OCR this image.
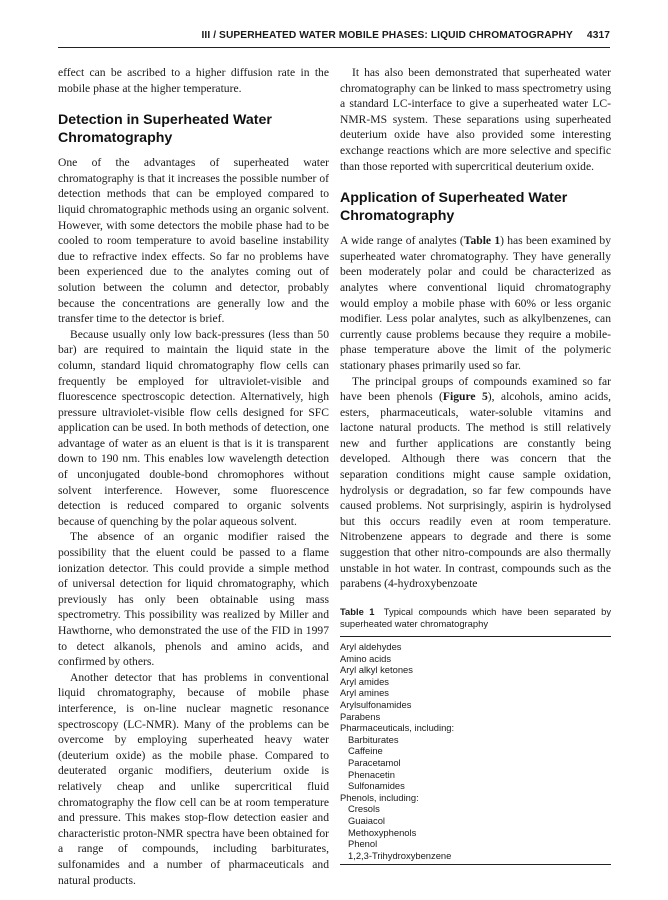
III / SUPERHEATED WATER MOBILE PHASES: LIQUID CHROMATOGRAPHY 4317

effect can be ascribed to a higher diffusion rate in the mobile phase at the higher temperature.

Detection in Superheated Water Chromatography

One of the advantages of superheated water chromatography is that it increases the possible number of detection methods that can be employed compared to liquid chromatographic methods using an organic solvent. However, with some detectors the mobile phase had to be cooled to room temperature to avoid baseline instability due to refractive index effects. So far no problems have been experienced due to the analytes coming out of solution between the column and detector, probably because the concentrations are generally low and the transfer time to the detector is brief.

Because usually only low back-pressures (less than 50 bar) are required to maintain the liquid state in the column, standard liquid chromatography flow cells can frequently be employed for ultraviolet-visible and fluorescence spectroscopic detection. Alternatively, high pressure ultraviolet-visible flow cells designed for SFC application can be used. In both methods of detection, one advantage of water as an eluent is that is it is transparent down to 190 nm. This enables low wavelength detection of unconjugated double-bond chromophores without solvent interference. However, some fluorescence detection is reduced compared to organic solvents because of quenching by the polar aqueous solvent.

The absence of an organic modifier raised the possibility that the eluent could be passed to a flame ionization detector. This could provide a simple method of universal detection for liquid chromatography, which previously has only been obtainable using mass spectrometry. This possibility was realized by Miller and Hawthorne, who demonstrated the use of the FID in 1997 to detect alkanols, phenols and amino acids, and confirmed by others.

Another detector that has problems in conventional liquid chromatography, because of mobile phase interference, is on-line nuclear magnetic resonance spectroscopy (LC-NMR). Many of the problems can be overcome by employing superheated heavy water (deuterium oxide) as the mobile phase. Compared to deuterated organic modifiers, deuterium oxide is relatively cheap and unlike supercritical fluid chromatography the flow cell can be at room temperature and pressure. This makes stop-flow detection easier and characteristic proton-NMR spectra have been obtained for a range of compounds, including barbiturates, sulfonamides and a number of pharmaceuticals and natural products.

It has also been demonstrated that superheated water chromatography can be linked to mass spectrometry using a standard LC-interface to give a superheated water LC-NMR-MS system. These separations using superheated deuterium oxide have also provided some interesting exchange reactions which are more selective and specific than those reported with supercritical deuterium oxide.

Application of Superheated Water Chromatography

A wide range of analytes (Table 1) has been examined by superheated water chromatography. They have generally been moderately polar and could be characterized as analytes where conventional liquid chromatography would employ a mobile phase with 60% or less organic modifier. Less polar analytes, such as alkylbenzenes, can currently cause problems because they require a mobile-phase temperature above the limit of the polymeric stationary phases primarily used so far.

The principal groups of compounds examined so far have been phenols (Figure 5), alcohols, amino acids, esters, pharmaceuticals, water-soluble vitamins and lactone natural products. The method is still relatively new and further applications are constantly being developed. Although there was concern that the separation conditions might cause sample oxidation, hydrolysis or degradation, so far few compounds have caused problems. Not surprisingly, aspirin is hydrolysed but this occurs readily even at room temperature. Nitrobenzene appears to degrade and there is some suggestion that other nitro-compounds are also thermally unstable in hot water. In contrast, compounds such as the parabens (4-hydroxybenzoate

Table 1 Typical compounds which have been separated by superheated water chromatography
Aryl aldehydes
Amino acids
Aryl alkyl ketones
Aryl amides
Aryl amines
Arylsulfonamides
Parabens
Pharmaceuticals, including:
Barbiturates
Caffeine
Paracetamol
Phenacetin
Sulfonamides
Phenols, including:
Cresols
Guaiacol
Methoxyphenols
Phenol
1,2,3-Trihydroxybenzene
